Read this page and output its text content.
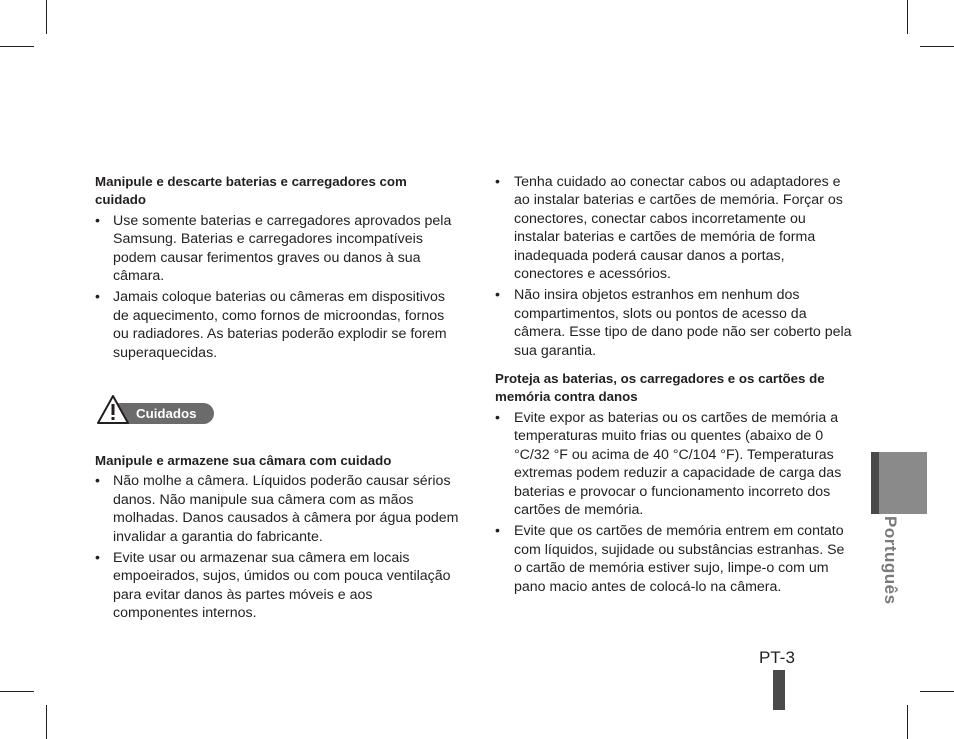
Manipule e descarte baterias e carregadores com cuidado

• Use somente baterias e carregadores aprovados pela Samsung. Baterias e carregadores incompatíveis podem causar ferimentos graves ou danos à sua câmara.
• Jamais coloque baterias ou câmeras em dispositivos de aquecimento, como fornos de microondas, fornos ou radiadores. As baterias poderão explodir se forem superaquecidas.
Cuidados

Manipule e armazene sua câmara com cuidado

• Não molhe a câmera. Líquidos poderão causar sérios danos. Não manipule sua câmera com as mãos molhadas. Danos causados à câmera por água podem invalidar a garantia do fabricante.
• Evite usar ou armazenar sua câmera em locais empoeirados, sujos, úmidos ou com pouca ventilação para evitar danos às partes móveis e aos componentes internos.
• Tenha cuidado ao conectar cabos ou adaptadores e ao instalar baterias e cartões de memória. Forçar os conectores, conectar cabos incorretamente ou instalar baterias e cartões de memória de forma inadequada poderá causar danos a portas, conectores e acessórios.
• Não insira objetos estranhos em nenhum dos compartimentos, slots ou pontos de acesso da câmera. Esse tipo de dano pode não ser coberto pela sua garantia.

Proteja as baterias, os carregadores e os cartões de memória contra danos

• Evite expor as baterias ou os cartões de memória a temperaturas muito frias ou quentes (abaixo de 0 °C/32 °F ou acima de 40 °C/104 °F). Temperaturas extremas podem reduzir a capacidade de carga das baterias e provocar o funcionamento incorreto dos cartões de memória.
• Evite que os cartões de memória entrem em contato com líquidos, sujidade ou substâncias estranhas. Se o cartão de memória estiver sujo, limpe-o com um pano macio antes de colocá-lo na câmera.	Português
PT-3
